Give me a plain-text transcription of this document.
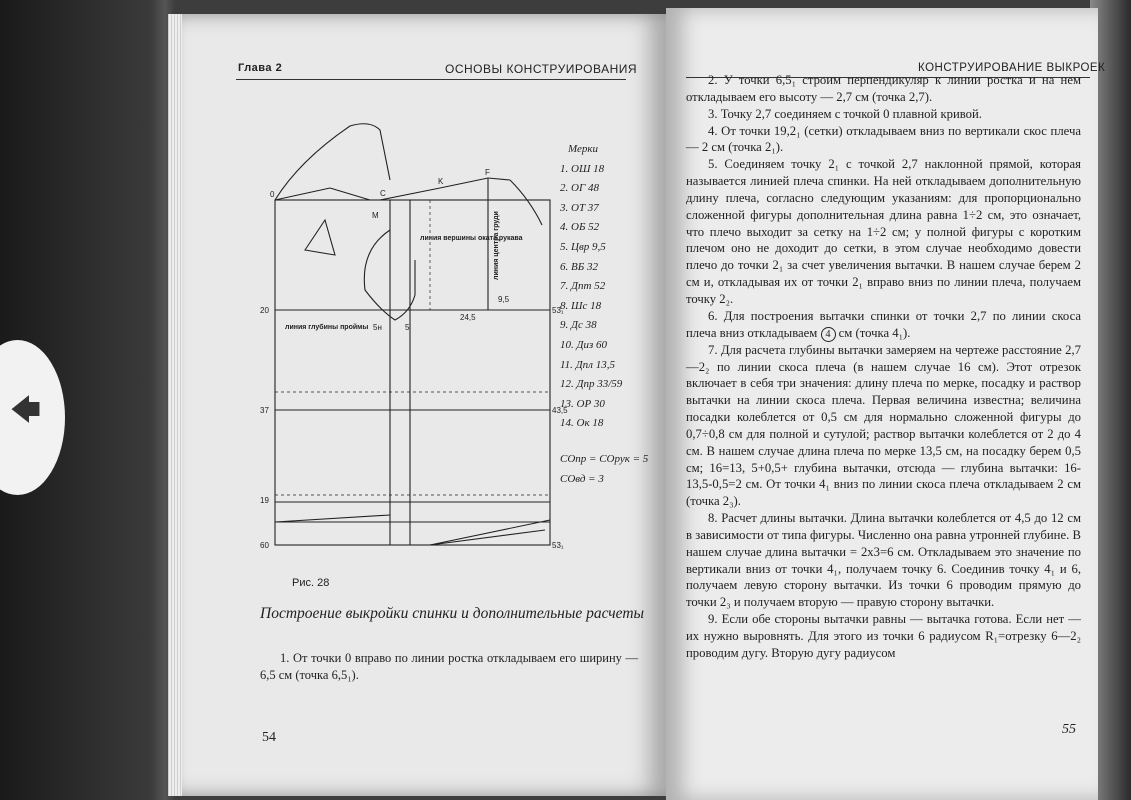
🡄
Глава 2	ОСНОВЫ КОНСТРУИРОВАНИЯ
0
20
37
19
60
53₁
43,5
53₁
F
K
C
M
5н	5
24,5
9,5
линия глубины проймы
линия вершины оката рукава
линия центра груди
Мерки
1. ОШ 18
2. ОГ 48
3. ОТ 37
4. ОБ 52
5. Цвр 9,5
6. ВБ 32
7. Дпт 52
8. Шс 18
9. Дс 38
10. Диз 60
11. Дпл 13,5
12. Дпр 33/59
13. ОР 30
14. Ок 18
СОпр = СОрук = 5
СОвд = 3
Рис. 28
Построение выкройки спинки и дополнительные расчеты
1. От точки 0 вправо по линии ростка откладываем его ширину — 6,5 см (точка 6,5₁).
54
КОНСТРУИРОВАНИЕ ВЫКРОЕК

2. У точки 6,5₁ строим перпендикуляр к линии ростка и на нем откладываем его высоту — 2,7 см (точка 2,7).

3. Точку 2,7 соединяем с точкой 0 плавной кривой.

4. От точки 19,2₁ (сетки) откладываем вниз по вертикали скос плеча — 2 см (точка 2₁).

5. Соединяем точку 2₁ с точкой 2,7 наклонной прямой, которая называется линией плеча спинки. На ней откладываем дополнительную длину плеча, согласно следующим указаниям: для пропорционально сложенной фигуры дополнительная длина равна 1÷2 см, это означает, что плечо выходит за сетку на 1÷2 см; у полной фигуры с коротким плечом оно не доходит до сетки, в этом случае необходимо довести плечо до точки 2₁ за счет увеличения вытачки. В нашем случае берем 2 см и, откладывая их от точки 2₁ вправо вниз по линии плеча, получаем точку 2₂.

6. Для построения вытачки спинки от точки 2,7 по линии скоса плеча вниз откладываем 4 см (точка 4₁).

7. Для расчета глубины вытачки замеряем на чертеже расстояние 2,7—2₂ по линии скоса плеча (в нашем случае 16 см). Этот отрезок включает в себя три значения: длину плеча по мерке, посадку и раствор вытачки на линии скоса плеча. Первая величина известна; величина посадки колеблется от 0,5 см для нормально сложенной фигуры до 0,7÷0,8 см для полной и сутулой; раствор вытачки колеблется от 2 до 4 см. В нашем случае длина плеча по мерке 13,5 см, на посадку берем 0,5 см; 16=13, 5+0,5+ глубина вытачки, отсюда — глубина вытачки: 16- 13,5-0,5=2 см. От точки 4₁ вниз по линии скоса плеча откладываем 2 см (точка 2₃).

8. Расчет длины вытачки. Длина вытачки колеблется от 4,5 до 12 см в зависимости от типа фигуры. Численно она равна утронней глубине. В нашем случае длина вытачки = 2х3=6 см. Откладываем это значение по вертикали вниз от точки 4₁, получаем точку 6. Соединив точку 4₁ и 6, получаем левую сторону вытачки. Из точки 6 проводим прямую до точки 2₃ и получаем вторую — правую сторону вытачки.

9. Если обе стороны вытачки равны — вытачка готова. Если нет — их нужно выровнять. Для этого из точки 6 радиусом R₁=отрезку 6—2₂ проводим дугу. Вторую дугу радиусом

55
